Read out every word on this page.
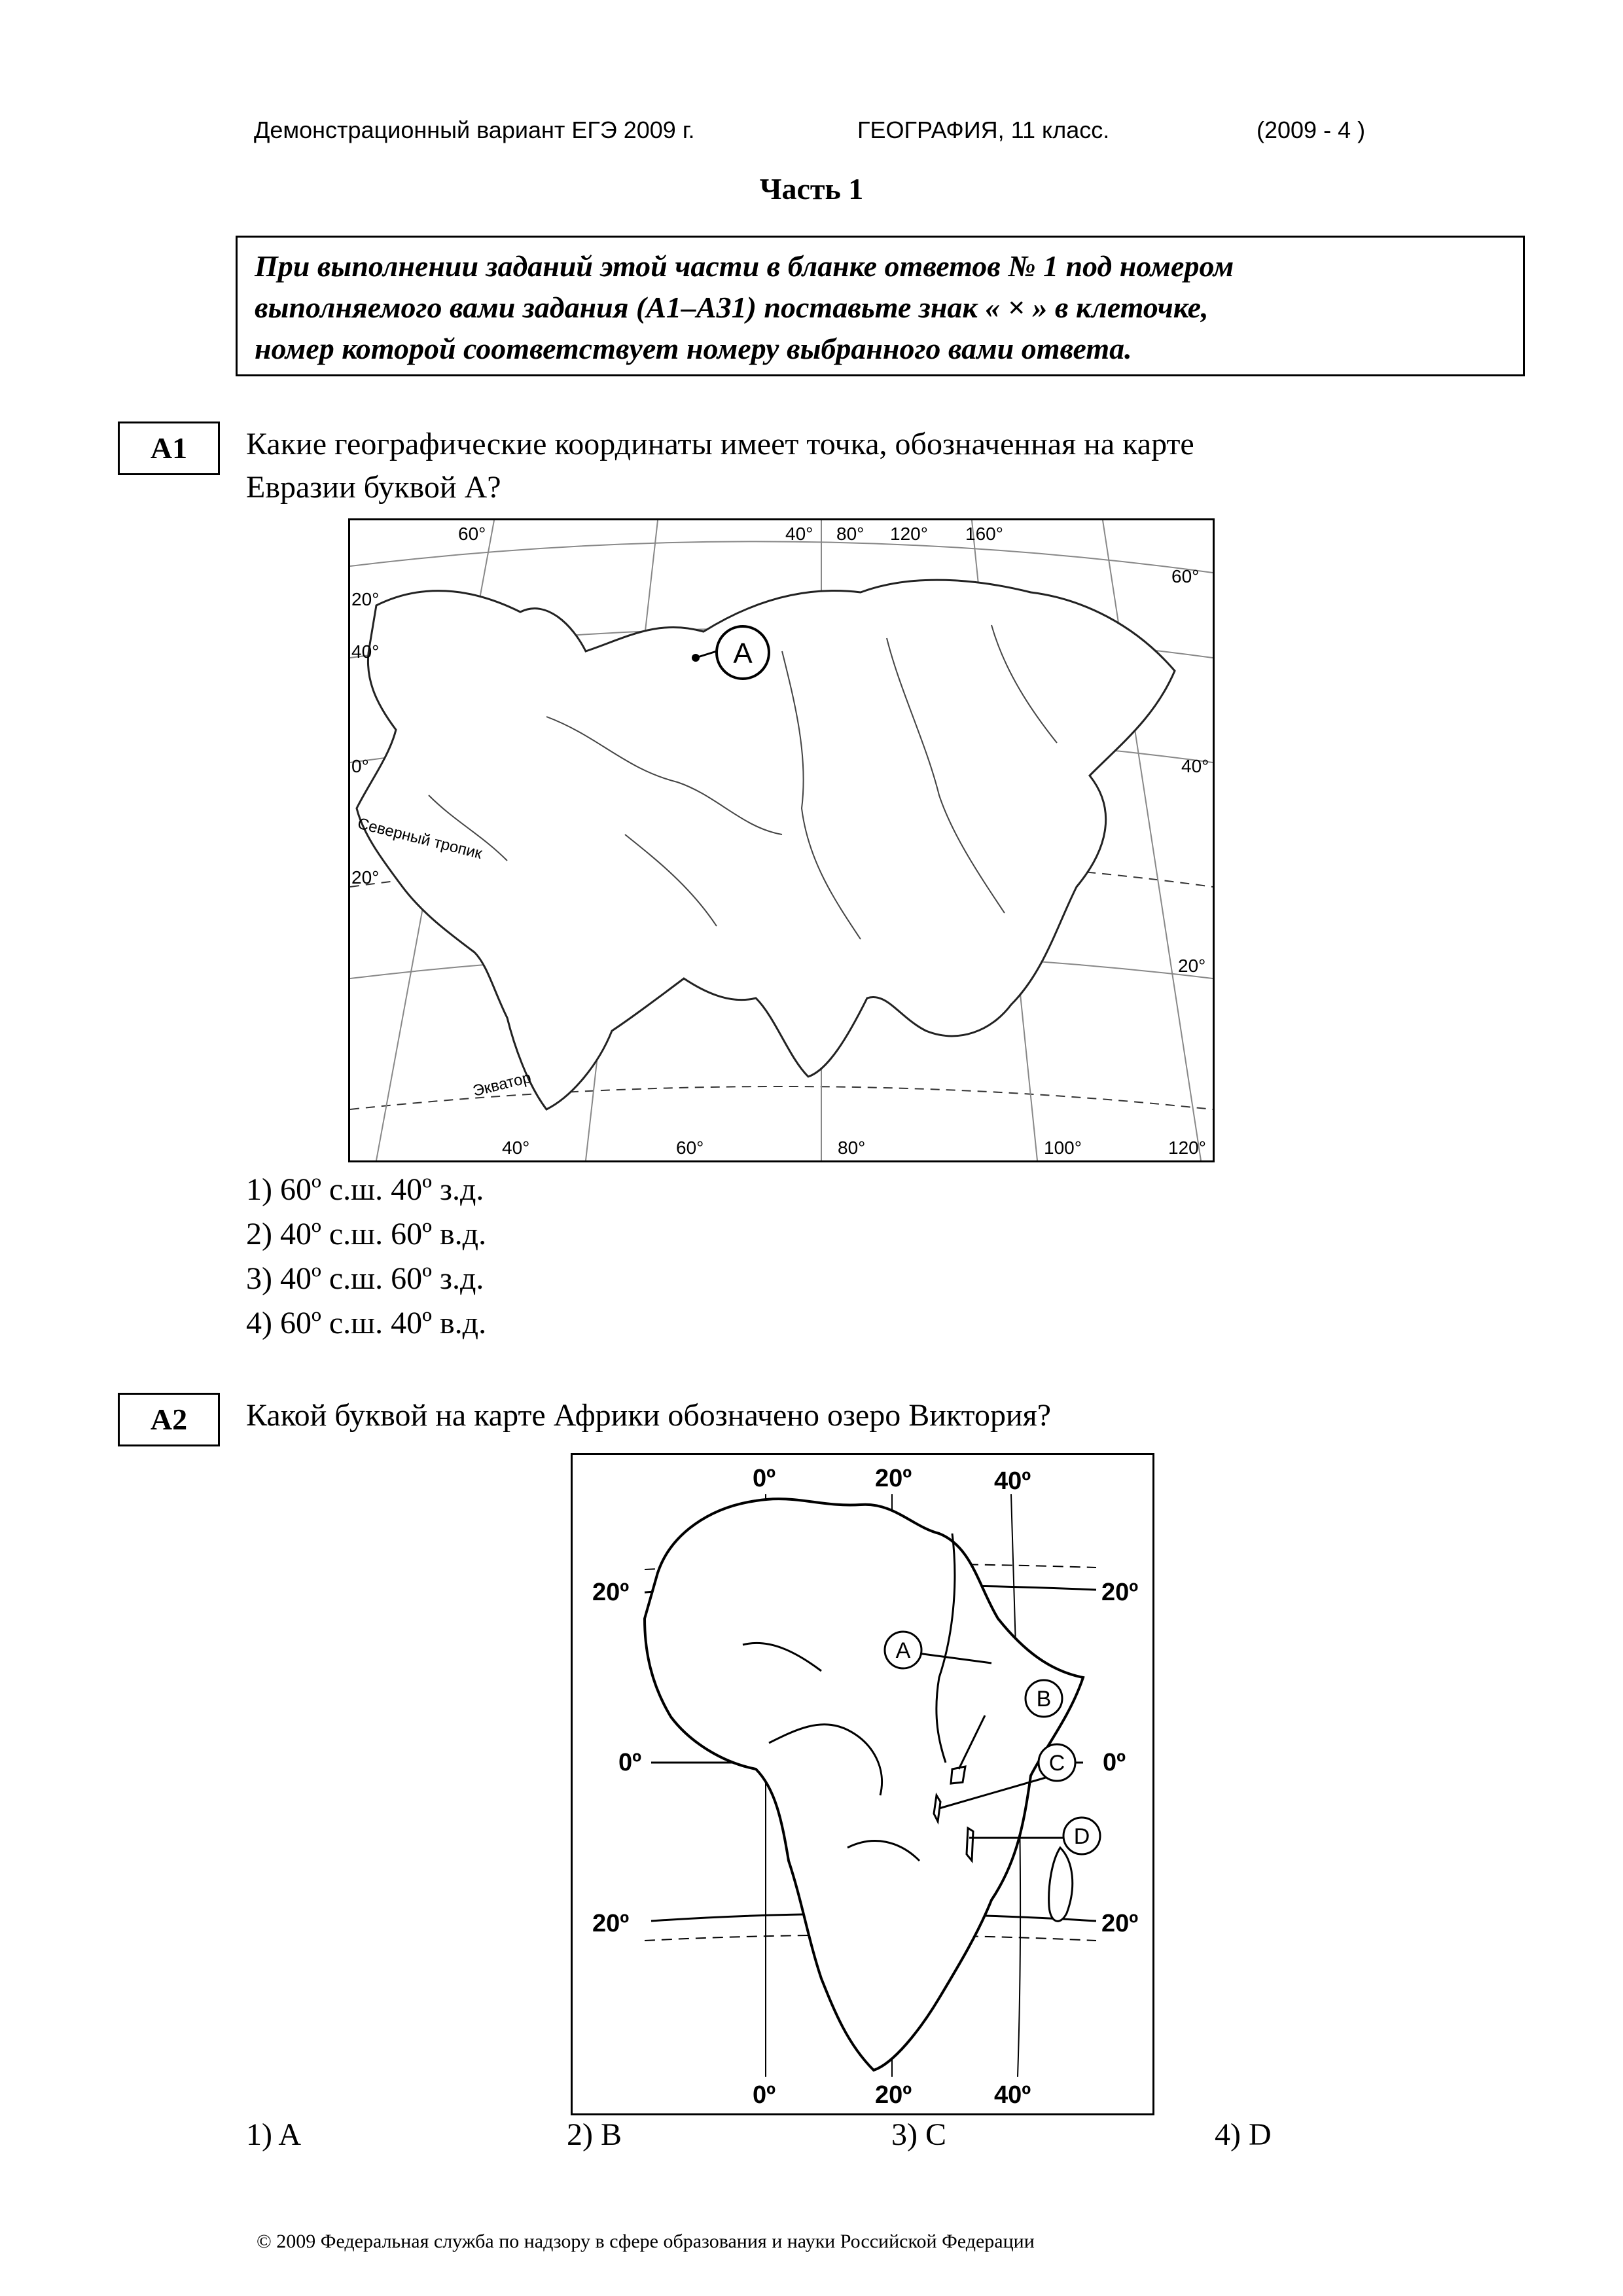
Демонстрационный вариант ЕГЭ 2009 г.	ГЕОГРАФИЯ, 11 класс.	(2009 - 4 )
Часть 1
При выполнении заданий этой части в бланке ответов № 1 под номером
выполняемого вами задания (А1–А31) поставьте знак « × » в клеточке,
номер которой соответствует номеру выбранного вами ответа.
А1	Какие географические координаты имеет точка, обозначенная на карте
Евразии буквой А?
A
40° 80° 120° 160°
60°
20°
40°
0°
20°
60°
40°
20°
40°	60°	80°	100°	120°
Северный тропик
Экватор
1) 60º с.ш. 40º з.д.
2) 40º с.ш. 60º в.д.
3) 40º с.ш. 60º з.д.
4) 60º с.ш. 40º в.д.
А2	Какой буквой на карте Африки обозначено озеро Виктория?
A
B
C
D
0º	20º	40º
0º	20º	40º
20º	20º
0º	0º
20º	20º
1) A	2) B	3) C	4) D
© 2009 Федеральная служба по надзору в сфере образования и науки Российской Федерации
